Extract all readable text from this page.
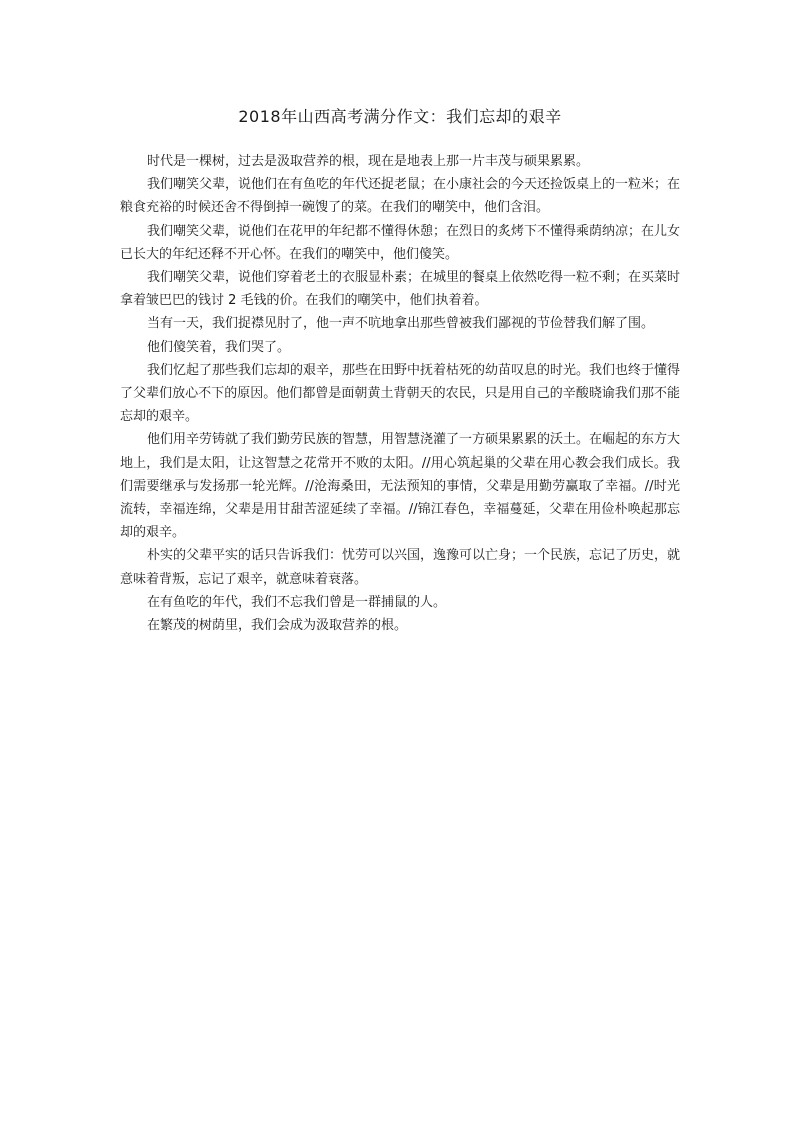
2018年山西高考满分作文：我们忘却的艰辛

时代是一棵树，过去是汲取营养的根，现在是地表上那一片丰茂与硕果累累。

我们嘲笑父辈，说他们在有鱼吃的年代还捉老鼠；在小康社会的今天还捡饭桌上的一粒米；在粮食充裕的时候还舍不得倒掉一碗馊了的菜。在我们的嘲笑中，他们含泪。

我们嘲笑父辈，说他们在花甲的年纪都不懂得休憩；在烈日的炙烤下不懂得乘荫纳凉；在儿女已长大的年纪还释不开心怀。在我们的嘲笑中，他们傻笑。

我们嘲笑父辈，说他们穿着老土的衣服显朴素；在城里的餐桌上依然吃得一粒不剩；在买菜时拿着皱巴巴的钱讨 2 毛钱的价。在我们的嘲笑中，他们执着着。

当有一天，我们捉襟见肘了，他一声不吭地拿出那些曾被我们鄙视的节俭替我们解了围。

他们傻笑着，我们哭了。

我们忆起了那些我们忘却的艰辛，那些在田野中抚着枯死的幼苗叹息的时光。我们也终于懂得了父辈们放心不下的原因。他们都曾是面朝黄土背朝天的农民，只是用自己的辛酸晓谕我们那不能忘却的艰辛。

他们用辛劳铸就了我们勤劳民族的智慧，用智慧浇灌了一方硕果累累的沃土。在崛起的东方大地上，我们是太阳，让这智慧之花常开不败的太阳。//用心筑起巢的父辈在用心教会我们成长。我们需要继承与发扬那一轮光辉。//沧海桑田，无法预知的事情，父辈是用勤劳赢取了幸福。//时光流转，幸福连绵，父辈是用甘甜苦涩延续了幸福。//锦江春色，幸福蔓延，父辈在用俭朴唤起那忘却的艰辛。

朴实的父辈平实的话只告诉我们：忧劳可以兴国，逸豫可以亡身；一个民族，忘记了历史，就意味着背叛，忘记了艰辛，就意味着衰落。

在有鱼吃的年代，我们不忘我们曾是一群捕鼠的人。

在繁茂的树荫里，我们会成为汲取营养的根。
